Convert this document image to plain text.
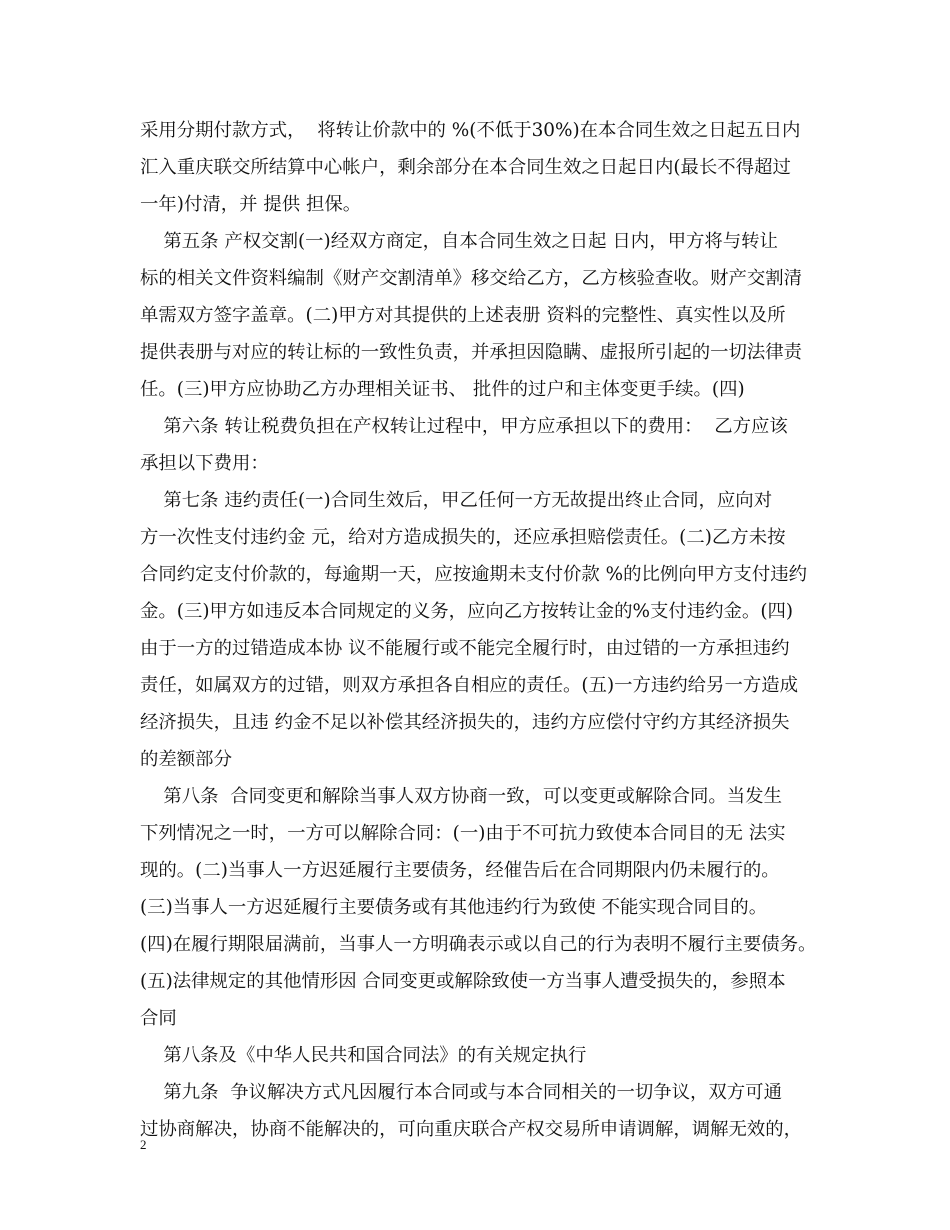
采用分期付款方式，  将转让价款中的 %(不低于30%)在本合同生效之日起五日内
汇入重庆联交所结算中心帐户，剩余部分在本合同生效之日起日内(最长不得超过
一年)付清，并 提供 担保。
第五条 产权交割(一)经双方商定，自本合同生效之日起 日内，甲方将与转让
标的相关文件资料编制《财产交割清单》移交给乙方，乙方核验查收。财产交割清
单需双方签字盖章。(二)甲方对其提供的上述表册 资料的完整性、真实性以及所
提供表册与对应的转让标的一致性负责，并承担因隐瞒、虚报所引起的一切法律责
任。(三)甲方应协助乙方办理相关证书、 批件的过户和主体变更手续。(四)
第六条 转让税费负担在产权转让过程中，甲方应承担以下的费用：  乙方应该
承担以下费用：
第七条 违约责任(一)合同生效后，甲乙任何一方无故提出终止合同，应向对
方一次性支付违约金 元，给对方造成损失的，还应承担赔偿责任。(二)乙方未按
合同约定支付价款的，每逾期一天，应按逾期未支付价款 %的比例向甲方支付违约
金。(三)甲方如违反本合同规定的义务，应向乙方按转让金的%支付违约金。(四)
由于一方的过错造成本协 议不能履行或不能完全履行时，由过错的一方承担违约
责任，如属双方的过错，则双方承担各自相应的责任。(五)一方违约给另一方造成
经济损失，且违 约金不足以补偿其经济损失的，违约方应偿付守约方其经济损失
的差额部分
第八条  合同变更和解除当事人双方协商一致，可以变更或解除合同。当发生
下列情况之一时，一方可以解除合同：(一)由于不可抗力致使本合同目的无 法实
现的。(二)当事人一方迟延履行主要债务，经催告后在合同期限内仍未履行的。
(三)当事人一方迟延履行主要债务或有其他违约行为致使 不能实现合同目的。
(四)在履行期限届满前，当事人一方明确表示或以自己的行为表明不履行主要债务。
(五)法律规定的其他情形因 合同变更或解除致使一方当事人遭受损失的，参照本
合同
第八条及《中华人民共和国合同法》的有关规定执行
第九条  争议解决方式凡因履行本合同或与本合同相关的一切争议，双方可通
过协商解决，协商不能解决的，可向重庆联合产权交易所申请调解，调解无效的，
2
